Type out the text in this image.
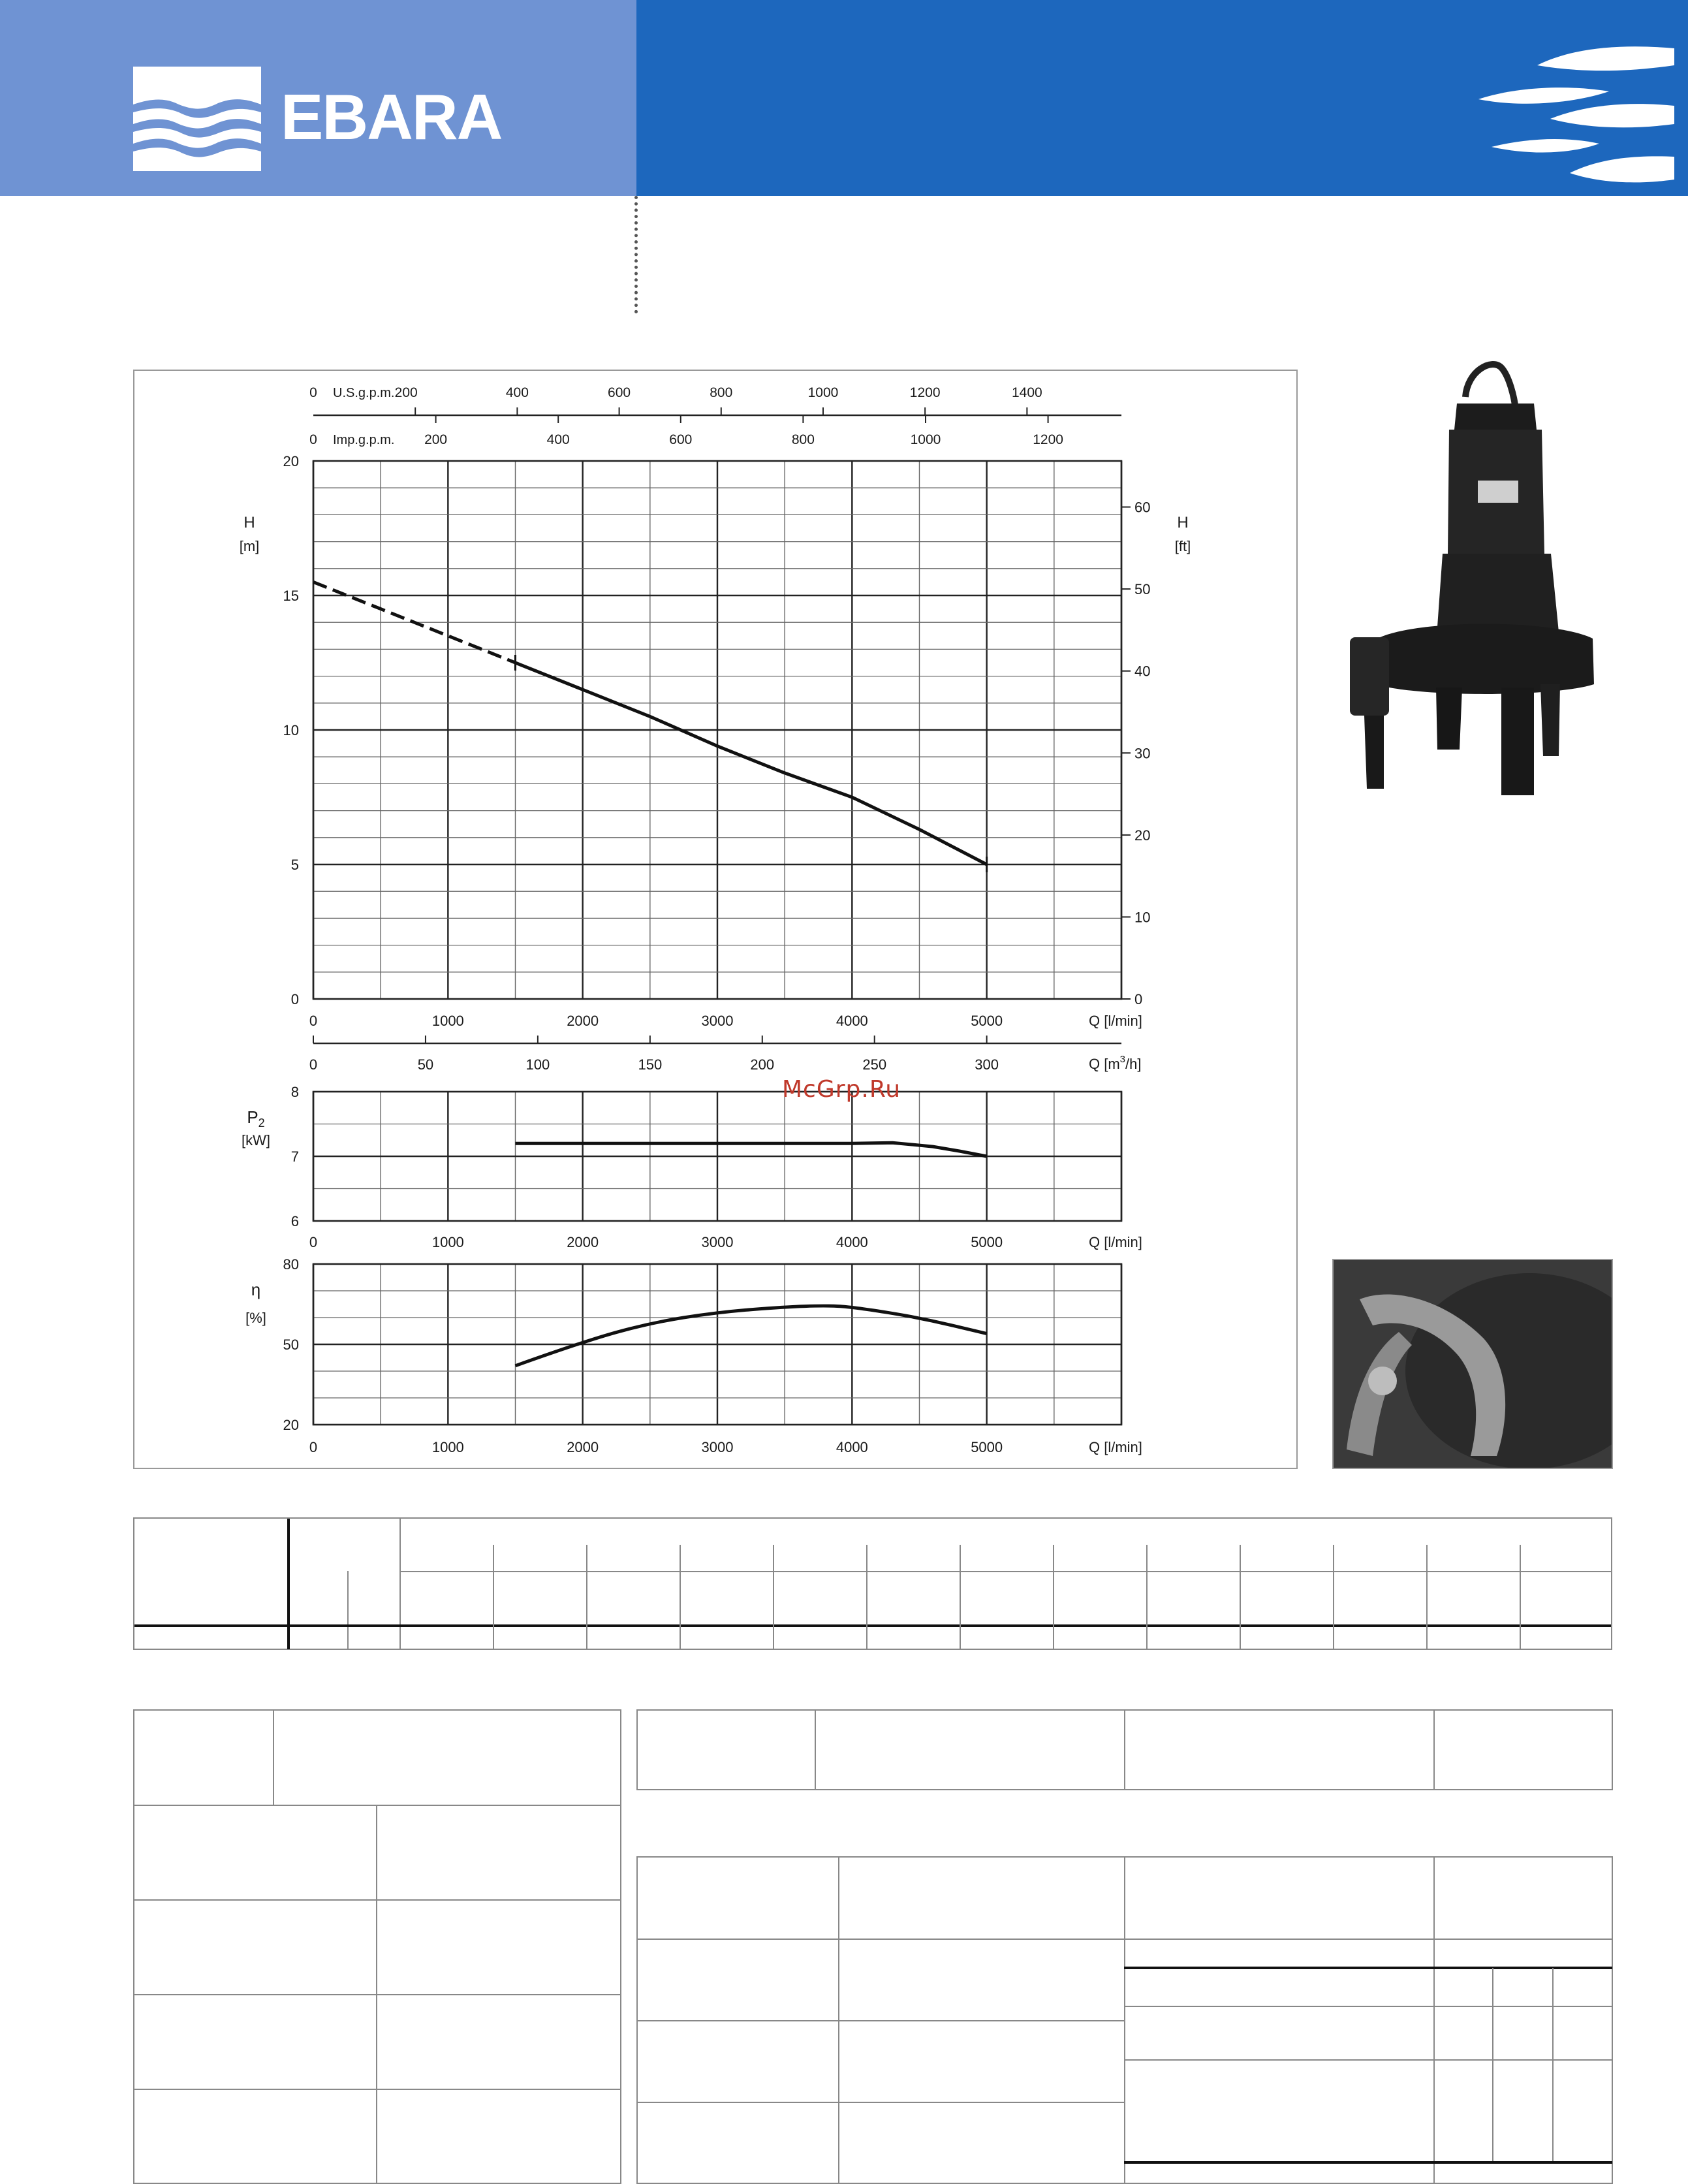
EBARA
U.S.g.p.m.
Imp.g.p.m.
H
[m]
H
[ft]
Q [l/min]
Q $[m^3/h]$
$P_2$
[kW]
Q [l/min]
η
[%]
Q [l/min]
0	200	400	600	800	1000	1200	1400
0	200	400	600	800	1000	1200
0
5
10
15
20
0
10
20
30
40
50
60
0	1000	2000	3000	4000	5000
0	50	100	150	200	250	300
6
7
8
0	1000	2000	3000	4000	5000
20
50
80
0	1000	2000	3000	4000	5000
McGrp.Ru
